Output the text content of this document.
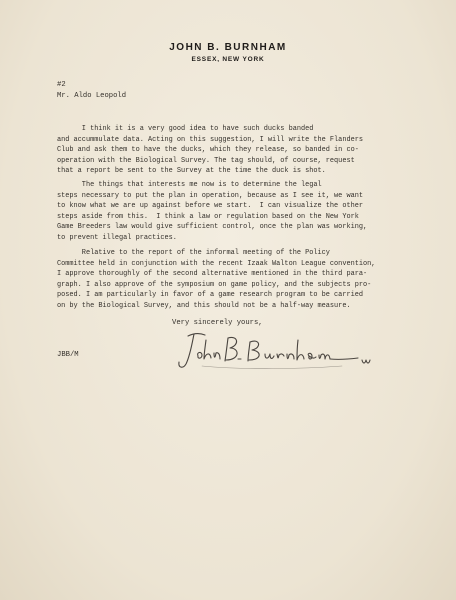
JOHN B. BURNHAM
ESSEX, NEW YORK
#2
Mr. Aldo Leopold
I think it is a very good idea to have such ducks banded
and accummulate data. Acting on this suggestion, I will write the Flanders
Club and ask them to have the ducks, which they release, so banded in co-
operation with the Biological Survey. The tag should, of course, request
that a report be sent to the Survey at the time the duck is shot.
The things that interests me now is to determine the legal
steps necessary to put the plan in operation, because as I see it, we want
to know what we are up against before we start.  I can visualize the other
steps aside from this.  I think a law or regulation based on the New York
Game Breeders law would give sufficient control, once the plan was working,
to prevent illegal practices.
Relative to the report of the informal meeting of the Policy
Committee held in conjunction with the recent Izaak Walton League convention,
I approve thoroughly of the second alternative mentioned in the third para-
graph. I also approve of the symposium on game policy, and the subjects pro-
posed. I am particularly in favor of a game research program to be carried
on by the Biological Survey, and this should not be a half-way measure.
Very sincerely yours,
JBB/M
